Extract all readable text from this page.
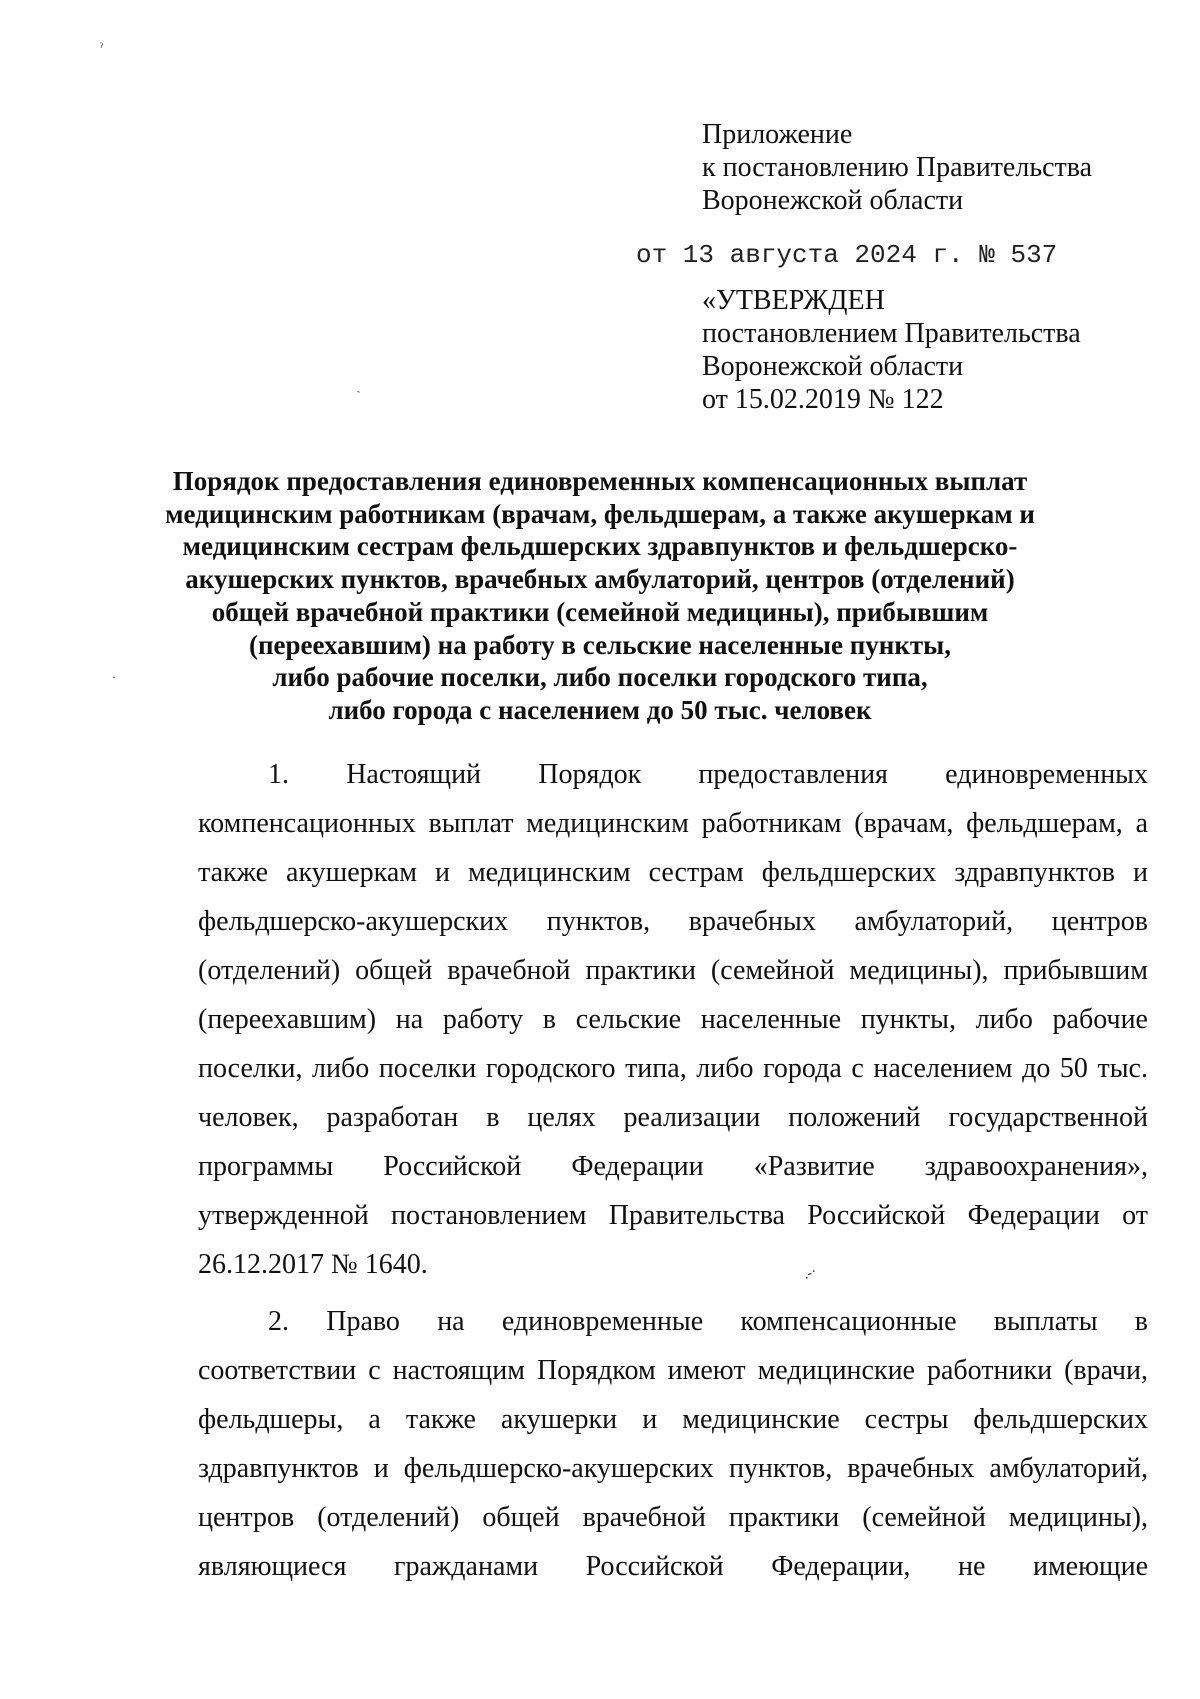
ˀ
ˏ
·
.-·
Приложение
к постановлению Правительства
Воронежской области
от 13 августа 2024 г. № 537
«УТВЕРЖДЕН
постановлением Правительства
Воронежской области
от 15.02.2019 № 122
Порядок предоставления единовременных компенсационных выплат
медицинским работникам (врачам, фельдшерам, а также акушеркам и
медицинским сестрам фельдшерских здравпунктов и фельдшерско-
акушерских пунктов, врачебных амбулаторий, центров (отделений)
общей врачебной практики (семейной медицины), прибывшим
(переехавшим) на работу в сельские населенные пункты,
либо рабочие поселки, либо поселки городского типа,
либо города с населением до 50 тыс. человек
1. Настоящий Порядок предоставления единовременных
компенсационных выплат медицинским работникам (врачам, фельдшерам, а
также акушеркам и медицинским сестрам фельдшерских здравпунктов и
фельдшерско-акушерских пунктов, врачебных амбулаторий, центров
(отделений) общей врачебной практики (семейной медицины), прибывшим
(переехавшим) на работу в сельские населенные пункты, либо рабочие
поселки, либо поселки городского типа, либо города с населением до 50 тыс.
человек, разработан в целях реализации положений государственной
программы Российской Федерации «Развитие здравоохранения»,
утвержденной постановлением Правительства Российской Федерации от
26.12.2017 № 1640.
2. Право на единовременные компенсационные выплаты в
соответствии с настоящим Порядком имеют медицинские работники (врачи,
фельдшеры, а также акушерки и медицинские сестры фельдшерских
здравпунктов и фельдшерско-акушерских пунктов, врачебных амбулаторий,
центров (отделений) общей врачебной практики (семейной медицины),
являющиеся гражданами Российской Федерации, не имеющие
